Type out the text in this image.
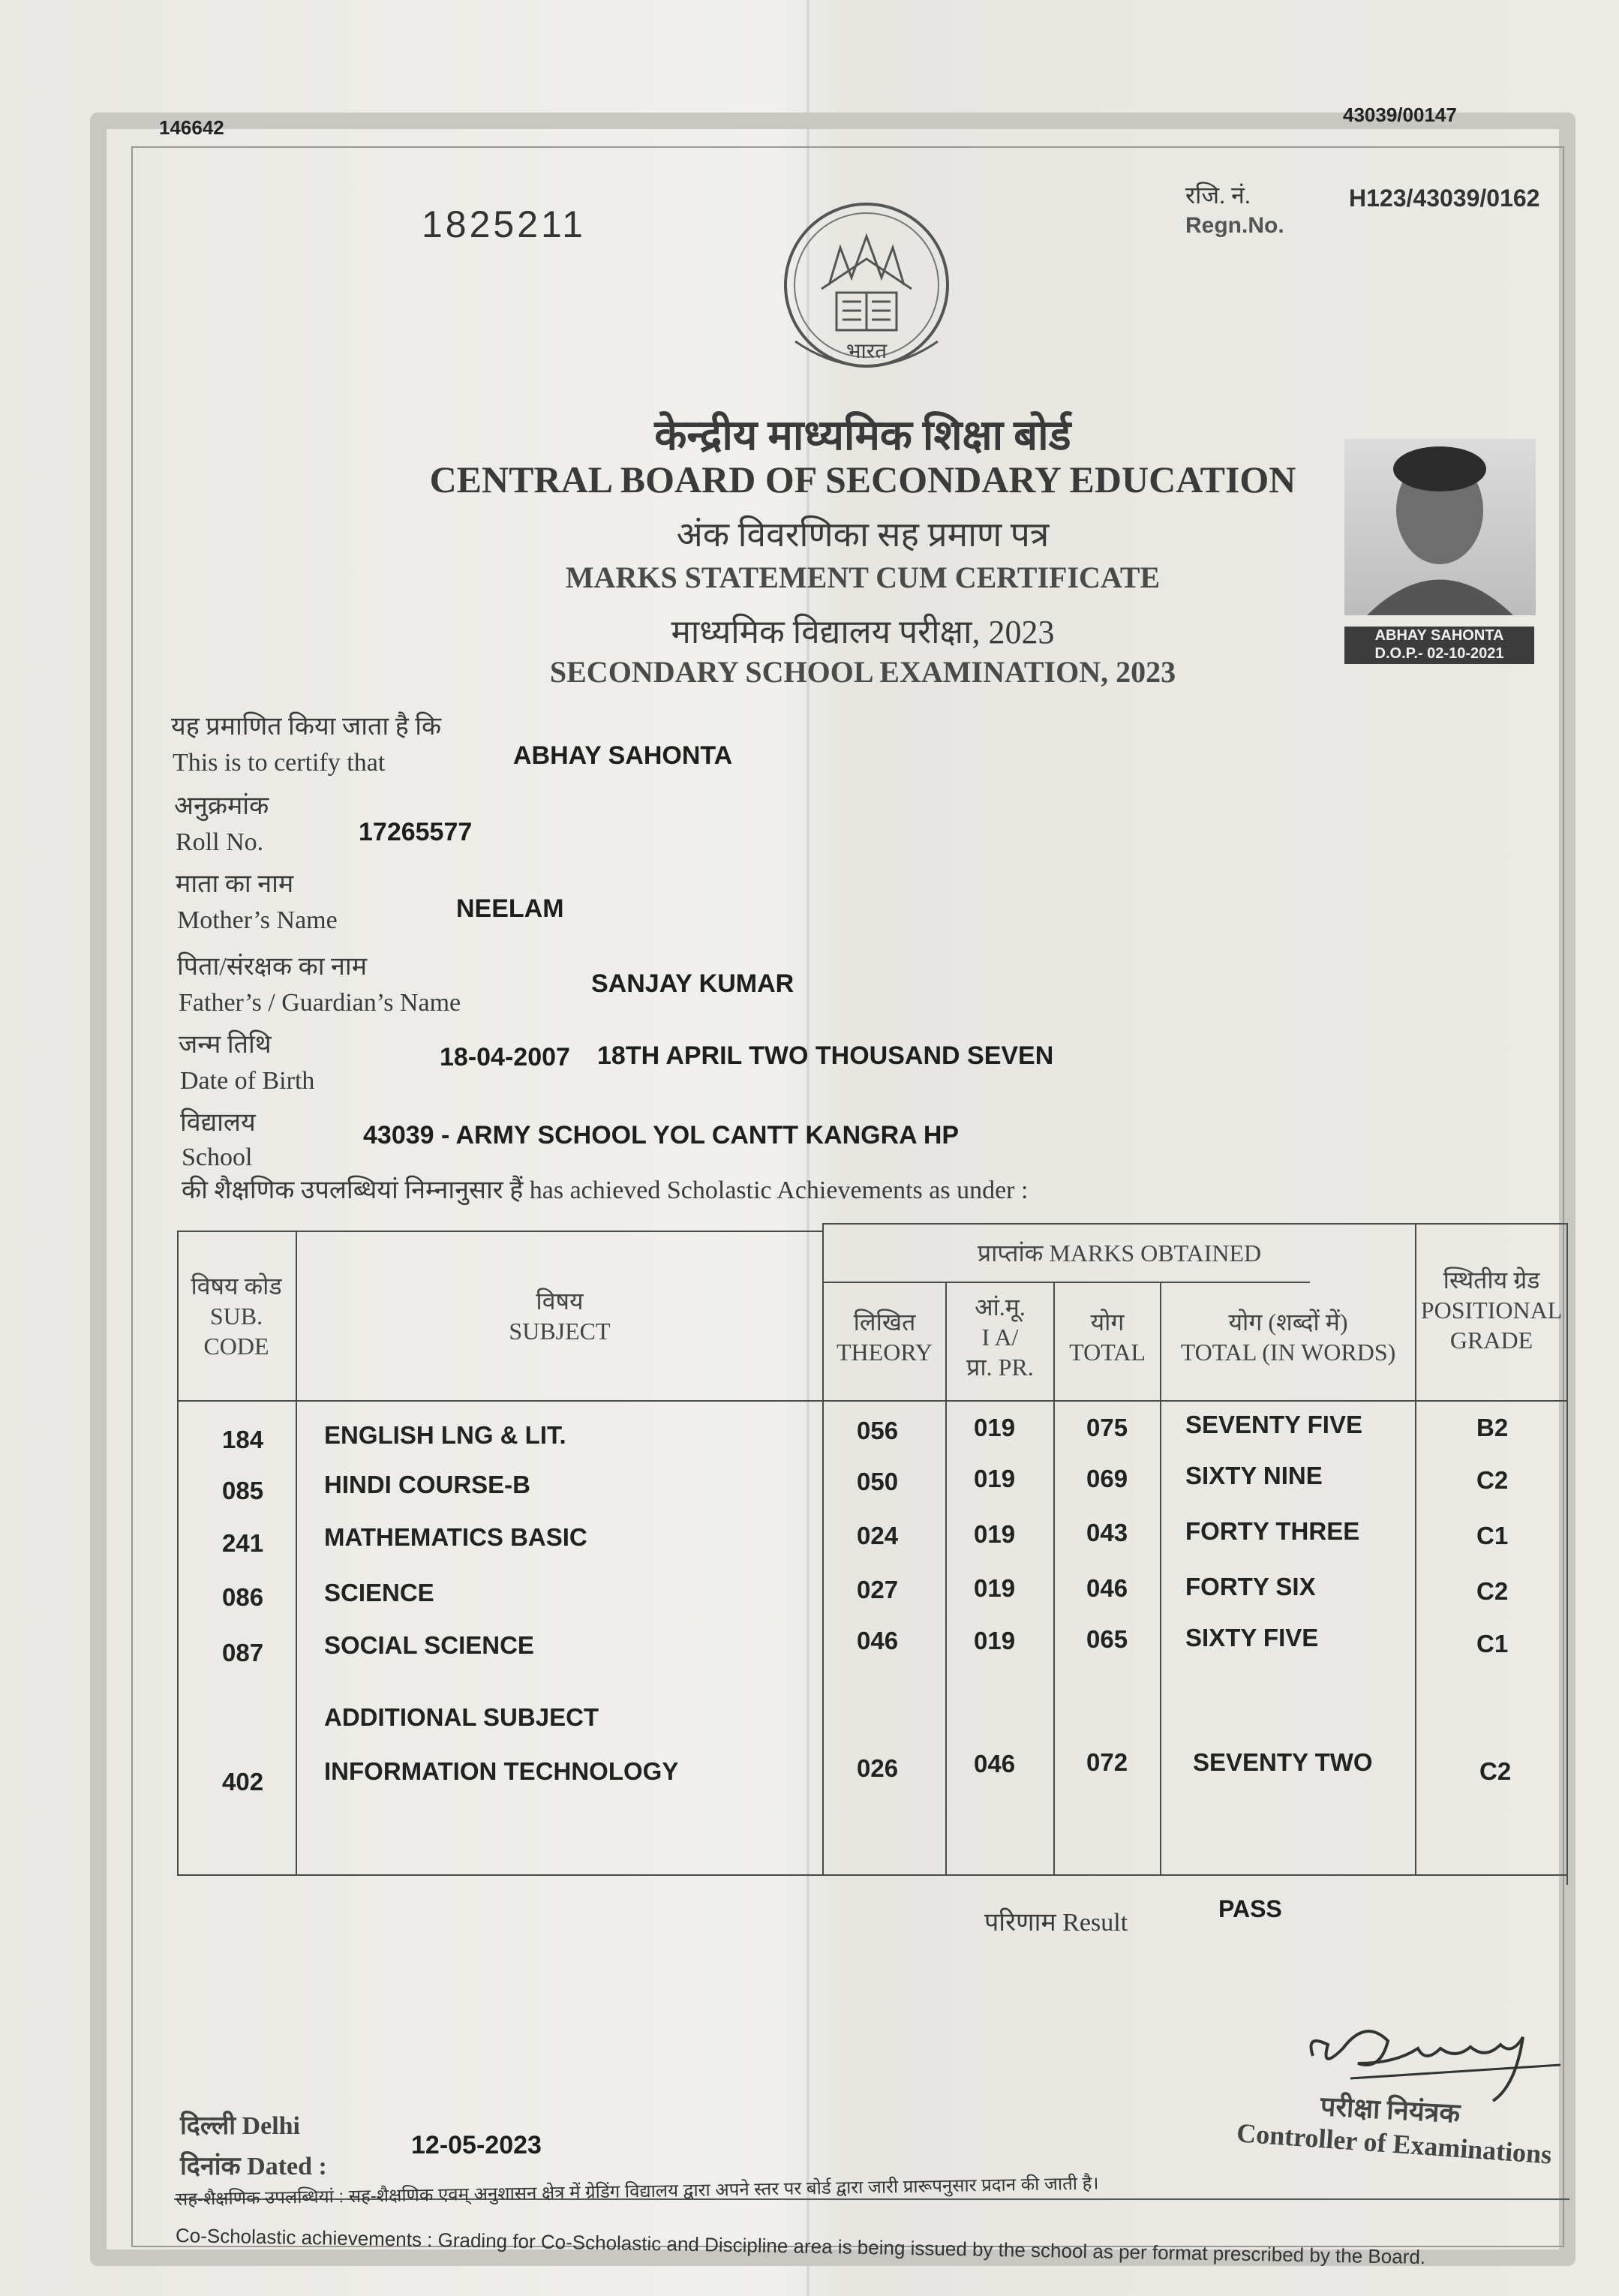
146642
43039/00147
1825211
रजि. नं.
Regn.No.
H123/43039/0162
भारत
केन्द्रीय माध्यमिक शिक्षा बोर्ड
CENTRAL BOARD OF SECONDARY EDUCATION
अंक विवरणिका सह प्रमाण पत्र
MARKS STATEMENT CUM CERTIFICATE
माध्यमिक विद्यालय परीक्षा, 2023
SECONDARY SCHOOL EXAMINATION, 2023
ABHAY SAHONTA
D.O.P.- 02-10-2021
यह प्रमाणित किया जाता है कि
This is to certify that	ABHAY SAHONTA
अनुक्रमांक
Roll No.	17265577
माता का नाम
Mother’s Name	NEELAM
पिता/संरक्षक का नाम
Father’s / Guardian’s Name
SANJAY KUMAR
जन्म तिथि
Date of Birth
18-04-2007 18TH APRIL TWO THOUSAND SEVEN
विद्यालय
School
43039 - ARMY SCHOOL YOL CANTT KANGRA HP
की शैक्षणिक उपलब्धियां निम्नानुसार हैं has achieved Scholastic Achievements as under :
विषय कोड
SUB.
CODE
विषय
SUBJECT
प्राप्तांक MARKS OBTAINED
लिखित
THEORY
आं.मू.
I A/
प्रा. PR.
योग
TOTAL
योग (शब्दों में)
TOTAL (IN WORDS)
स्थितीय ग्रेड
POSITIONAL
GRADE
184 ENGLISH LNG & LIT.	056	019	075 SEVENTY FIVE	B2
085 HINDI COURSE-B	050	019	069 SIXTY NINE	C2
241 MATHEMATICS BASIC	024	019	043 FORTY THREE	C1
086 SCIENCE	027	019	046 FORTY SIX	C2
087 SOCIAL SCIENCE	046	019	065 SIXTY FIVE	C1
ADDITIONAL SUBJECT
402 INFORMATION TECHNOLOGY	026	046	072	SEVENTY TWO	C2
परिणाम Result	PASS
परीक्षा नियंत्रक
Controller of Examinations
दिल्ली Delhi
दिनांक Dated :
12-05-2023
सह-शैक्षणिक उपलब्धियां : सह-शैक्षणिक एवम् अनुशासन क्षेत्र में ग्रेडिंग विद्यालय द्वारा अपने स्तर पर बोर्ड द्वारा जारी प्रारूपनुसार प्रदान की जाती है।
Co-Scholastic achievements : Grading for Co-Scholastic and Discipline area is being issued by the school as per format prescribed by the Board.
